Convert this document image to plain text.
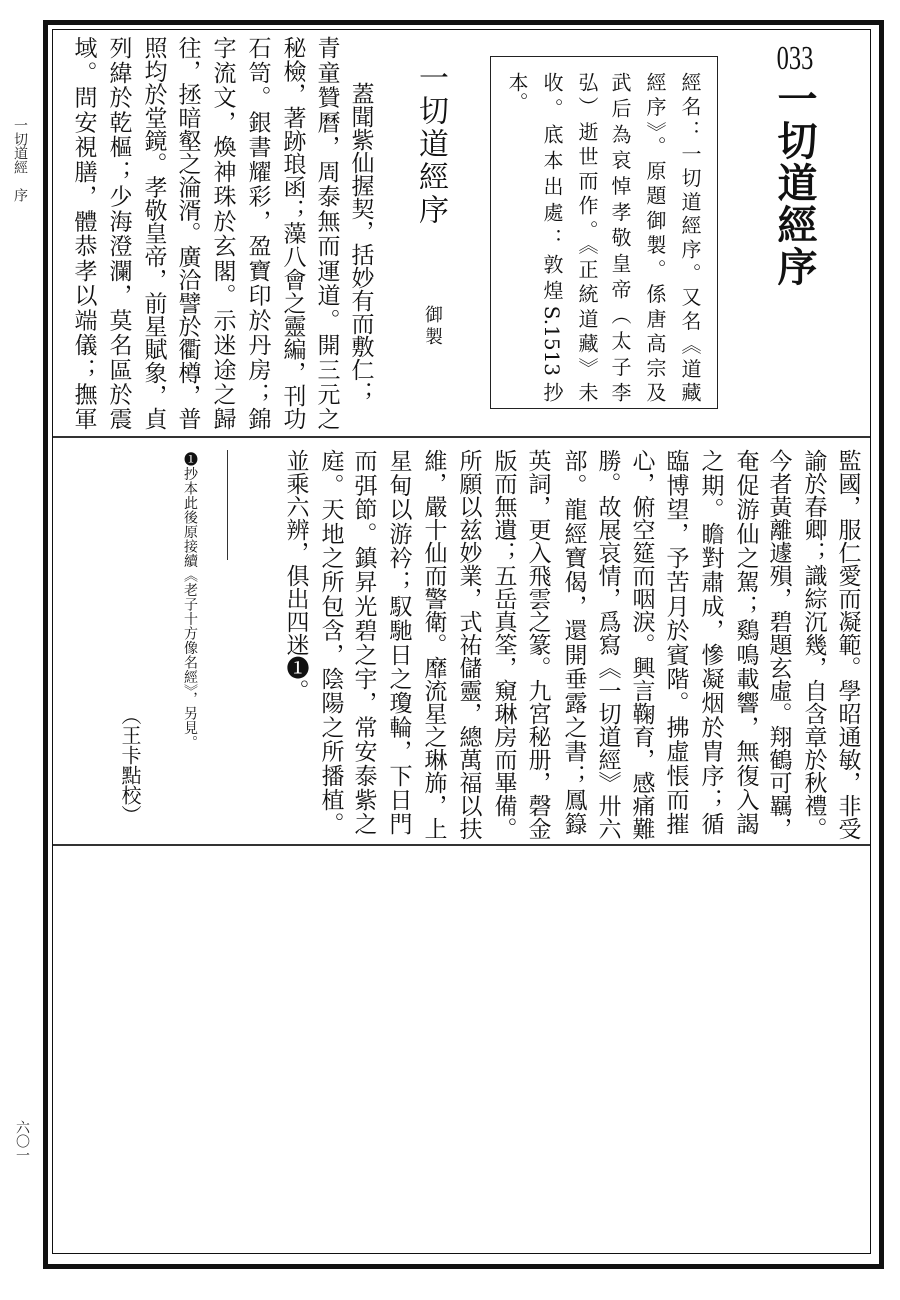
一切道經　序
六〇一
033
一切道經序
經名：一切道經序。又名《道藏
經序》。原題御製。係唐高宗及
武后為哀悼孝敬皇帝（太子李
弘）逝世而作。《正統道藏》未
收。底本出處：敦煌S.1513抄
本。
一切道經序
御製
蓋聞紫仙握契，括妙有而敷仁；
青童贊曆，周泰無而運道。開三元之
秘檢，著跡琅函；藻八會之靈編，刊功
石笥。銀書耀彩，盈寶印於丹房；錦
字流文，煥神珠於玄閣。示迷途之歸
往，拯暗壑之淪湑。廣洽譬於衢樽，普
照均於堂鏡。孝敬皇帝，前星賦象，貞
列緯於乾樞；少海澄瀾，莫名區於震
域。問安視膳，體恭孝以端儀；撫軍
監國，服仁愛而凝範。學昭通敏，非受
諭於春卿；識綜沉幾，自含章於秋禮。
今者黃離遽殞，碧題玄虛。翔鶴可羈，
奄促游仙之駕；鷄鳴載響，無復入謁
之期。瞻對肅成，慘凝烟於胄序；循
臨博望，予苦月於賓階。拂虛悵而摧
心，俯空筵而咽淚。興言鞠育，感痛難
勝。故展哀情，爲寫《一切道經》卅六
部。龍經寶偈，還開垂露之書；鳳籙
英詞，更入飛雲之篆。九宮秘册，磬金
版而無遺；五岳真筌，窺琳房而畢備。
所願以兹妙業，式祐儲靈，總萬福以扶
維，嚴十仙而警衛。靡流星之琳斾，上
星甸以游衿；馭馳日之瓊輪，下日門
而弭節。鎮昇光碧之宇，常安泰紫之
庭。天地之所包含，陰陽之所播植。
並乘六辨，俱出四迷❶。
❶抄本此後原接續《老子十方像名經》，另見。
（王卡點校）
